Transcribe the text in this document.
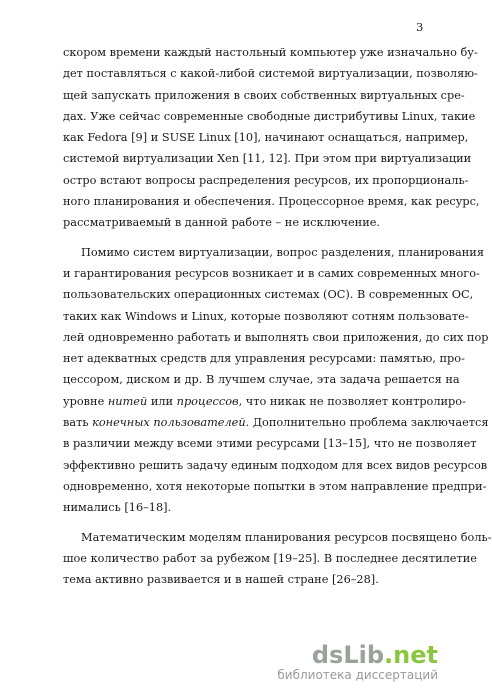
3
скором времени каждый настольный компьютер уже изначально бу-
дет поставляться с какой-либой системой виртуализации, позволяю-
щей запускать приложения в своих собственных виртуальных сре-
дах. Уже сейчас современные свободные дистрибутивы Linux, такие
как Fedora [9] и SUSE Linux [10], начинают оснащаться, например,
системой виртуализации Xen [11, 12]. При этом при виртуализации
остро встают вопросы распределения ресурсов, их пропорциональ-
ного планирования и обеспечения. Процессорное время, как ресурс,
рассматриваемый в данной работе – не исключение.
Помимо систем виртуализации, вопрос разделения, планирования
и гарантирования ресурсов возникает и в самих современных много-
пользовательских операционных системах (ОС). В современных ОС,
таких как Windows и Linux, которые позволяют сотням пользовате-
лей одновременно работать и выполнять свои приложения, до сих пор
нет адекватных средств для управления ресурсами: памятью, про-
цессором, диском и др. В лучшем случае, эта задача решается на
уровне нитей или процессов, что никак не позволяет контролиро-
вать конечных пользователей. Дополнительно проблема заключается
в различии между всеми этими ресурсами [13–15], что не позволяет
эффективно решить задачу единым подходом для всех видов ресурсов
одновременно, хотя некоторые попытки в этом направление предпри-
нимались [16–18].
Математическим моделям планирования ресурсов посвящено боль-
шое количество работ за рубежом [19–25]. В последнее десятилетие
тема активно развивается и в нашей стране [26–28].
dsLib.net
библиотека диссертаций
